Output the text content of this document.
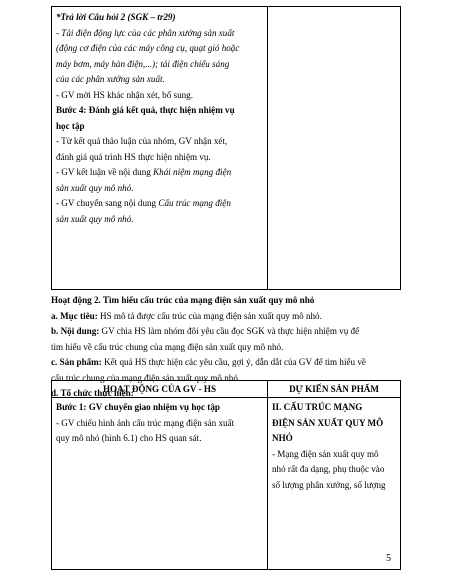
*Trả lời Câu hỏi 2 (SGK – tr29)

- Tải điện động lực của các phân xưởng sản xuất

(động cơ điện của các máy công cụ, quạt gió hoặc

máy bơm, máy hàn điện,...); tải điện chiếu sáng

của các phân xưởng sản xuất.

- GV mời HS khác nhận xét, bổ sung.

Bước 4: Đánh giá kết quả, thực hiện nhiệm vụ

học tập

- Từ kết quả thảo luận của nhóm, GV nhận xét,

đánh giá quá trình HS thực hiện nhiệm vụ.

- GV kết luận về nội dung Khái niệm mạng điện

sản xuất quy mô nhỏ.

- GV chuyển sang nội dung Cấu trúc mạng điện

sản xuất quy mô nhỏ.

Hoạt động 2. Tìm hiểu cấu trúc của mạng điện sản xuất quy mô nhỏ

a. Mục tiêu: HS mô tả được cấu trúc của mạng điện sản xuất quy mô nhỏ.

b. Nội dung: GV chia HS làm nhóm đôi yêu cầu đọc SGK và thực hiện nhiệm vụ để

tìm hiểu về cấu trúc chung của mạng điện sản xuất quy mô nhỏ.

c. Sản phẩm: Kết quả HS thực hiện các yêu cầu, gợi ý, dẫn dắt của GV để tìm hiểu về

cấu trúc chung của mạng điện sản xuất quy mô nhỏ.

d. Tổ chức thực hiện:

HOẠT ĐỘNG CỦA GV - HS	DỰ KIẾN SẢN PHẨM

Bước 1: GV chuyển giao nhiệm vụ học tập

- GV chiếu hình ảnh cấu trúc mạng điện sản xuất

quy mô nhỏ (hình 6.1) cho HS quan sát.

II. CẤU TRÚC MẠNG

ĐIỆN SẢN XUẤT QUY MÔ

NHỎ

- Mạng điện sản xuất quy mô

nhỏ rất đa dạng, phụ thuộc vào

số lượng phân xưởng, số lượng

5
